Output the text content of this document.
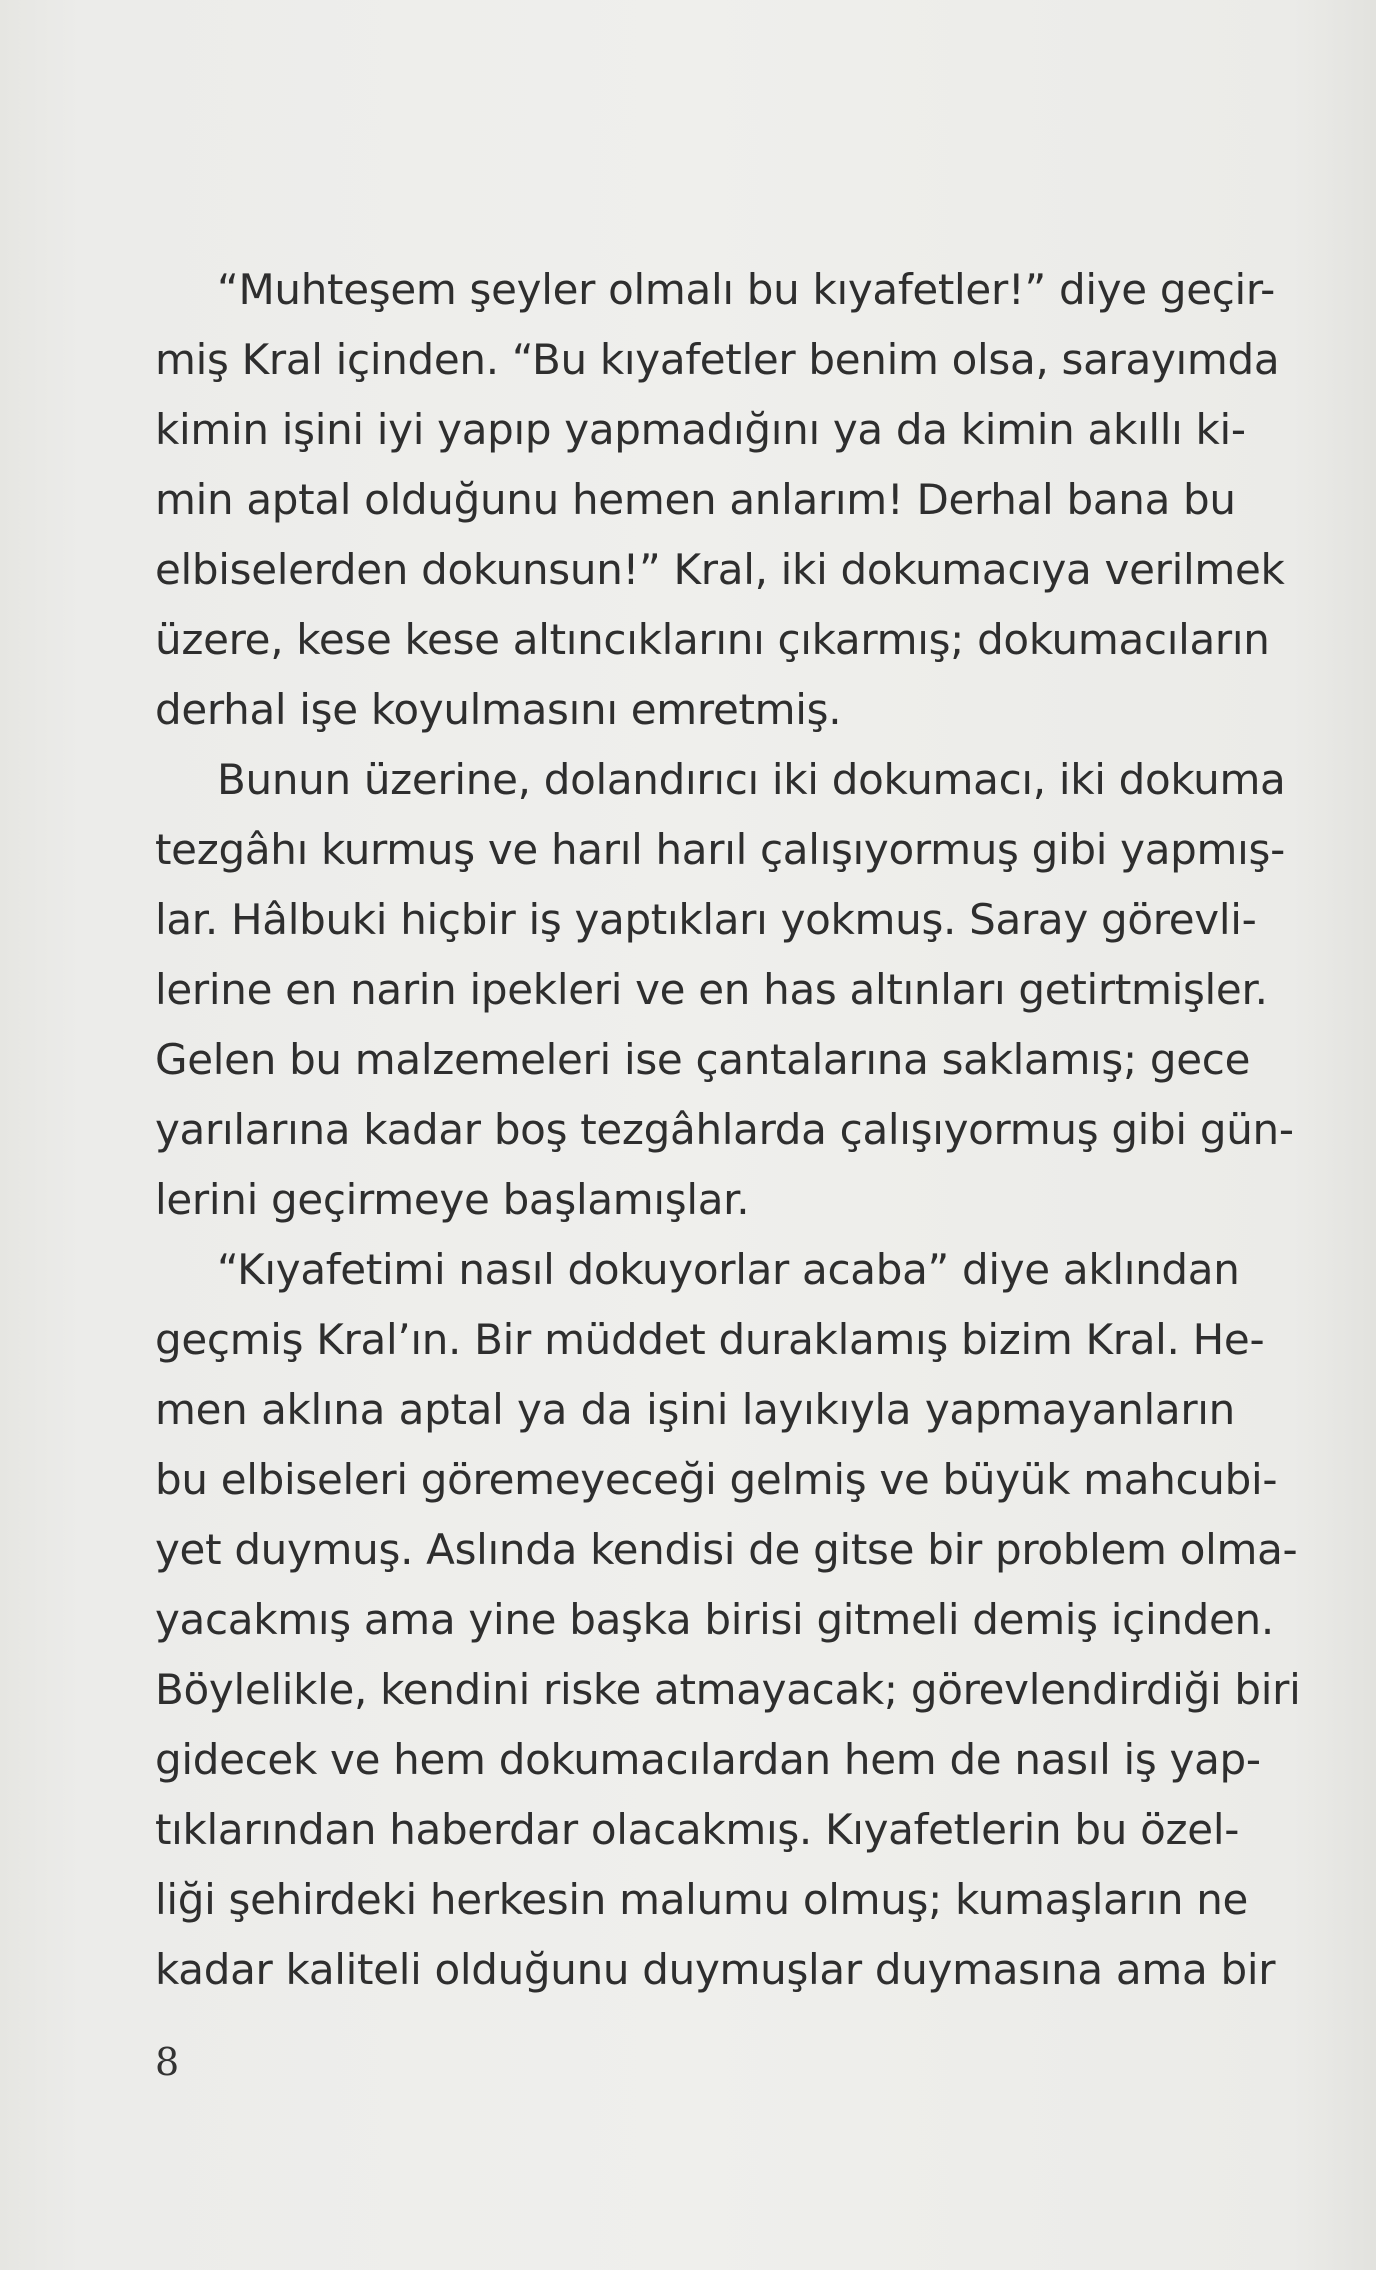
“Muhteşem şeyler olmalı bu kıyafetler!” diye geçir-
miş Kral içinden. “Bu kıyafetler benim olsa, sarayımda
kimin işini iyi yapıp yapmadığını ya da kimin akıllı ki-
min aptal olduğunu hemen anlarım! Derhal bana bu
elbiselerden dokunsun!” Kral, iki dokumacıya verilmek
üzere, kese kese altıncıklarını çıkarmış; dokumacıların
derhal işe koyulmasını emretmiş.
Bunun üzerine, dolandırıcı iki dokumacı, iki dokuma
tezgâhı kurmuş ve harıl harıl çalışıyormuş gibi yapmış-
lar. Hâlbuki hiçbir iş yaptıkları yokmuş. Saray görevli-
lerine en narin ipekleri ve en has altınları getirtmişler.
Gelen bu malzemeleri ise çantalarına saklamış; gece
yarılarına kadar boş tezgâhlarda çalışıyormuş gibi gün-
lerini geçirmeye başlamışlar.
“Kıyafetimi nasıl dokuyorlar acaba” diye aklından
geçmiş Kral’ın. Bir müddet duraklamış bizim Kral. He-
men aklına aptal ya da işini layıkıyla yapmayanların
bu elbiseleri göremeyeceği gelmiş ve büyük mahcubi-
yet duymuş. Aslında kendisi de gitse bir problem olma-
yacakmış ama yine başka birisi gitmeli demiş içinden.
Böylelikle, kendini riske atmayacak; görevlendirdiği biri
gidecek ve hem dokumacılardan hem de nasıl iş yap-
tıklarından haberdar olacakmış. Kıyafetlerin bu özel-
liği şehirdeki herkesin malumu olmuş; kumaşların ne
kadar kaliteli olduğunu duymuşlar duymasına ama bir
8
